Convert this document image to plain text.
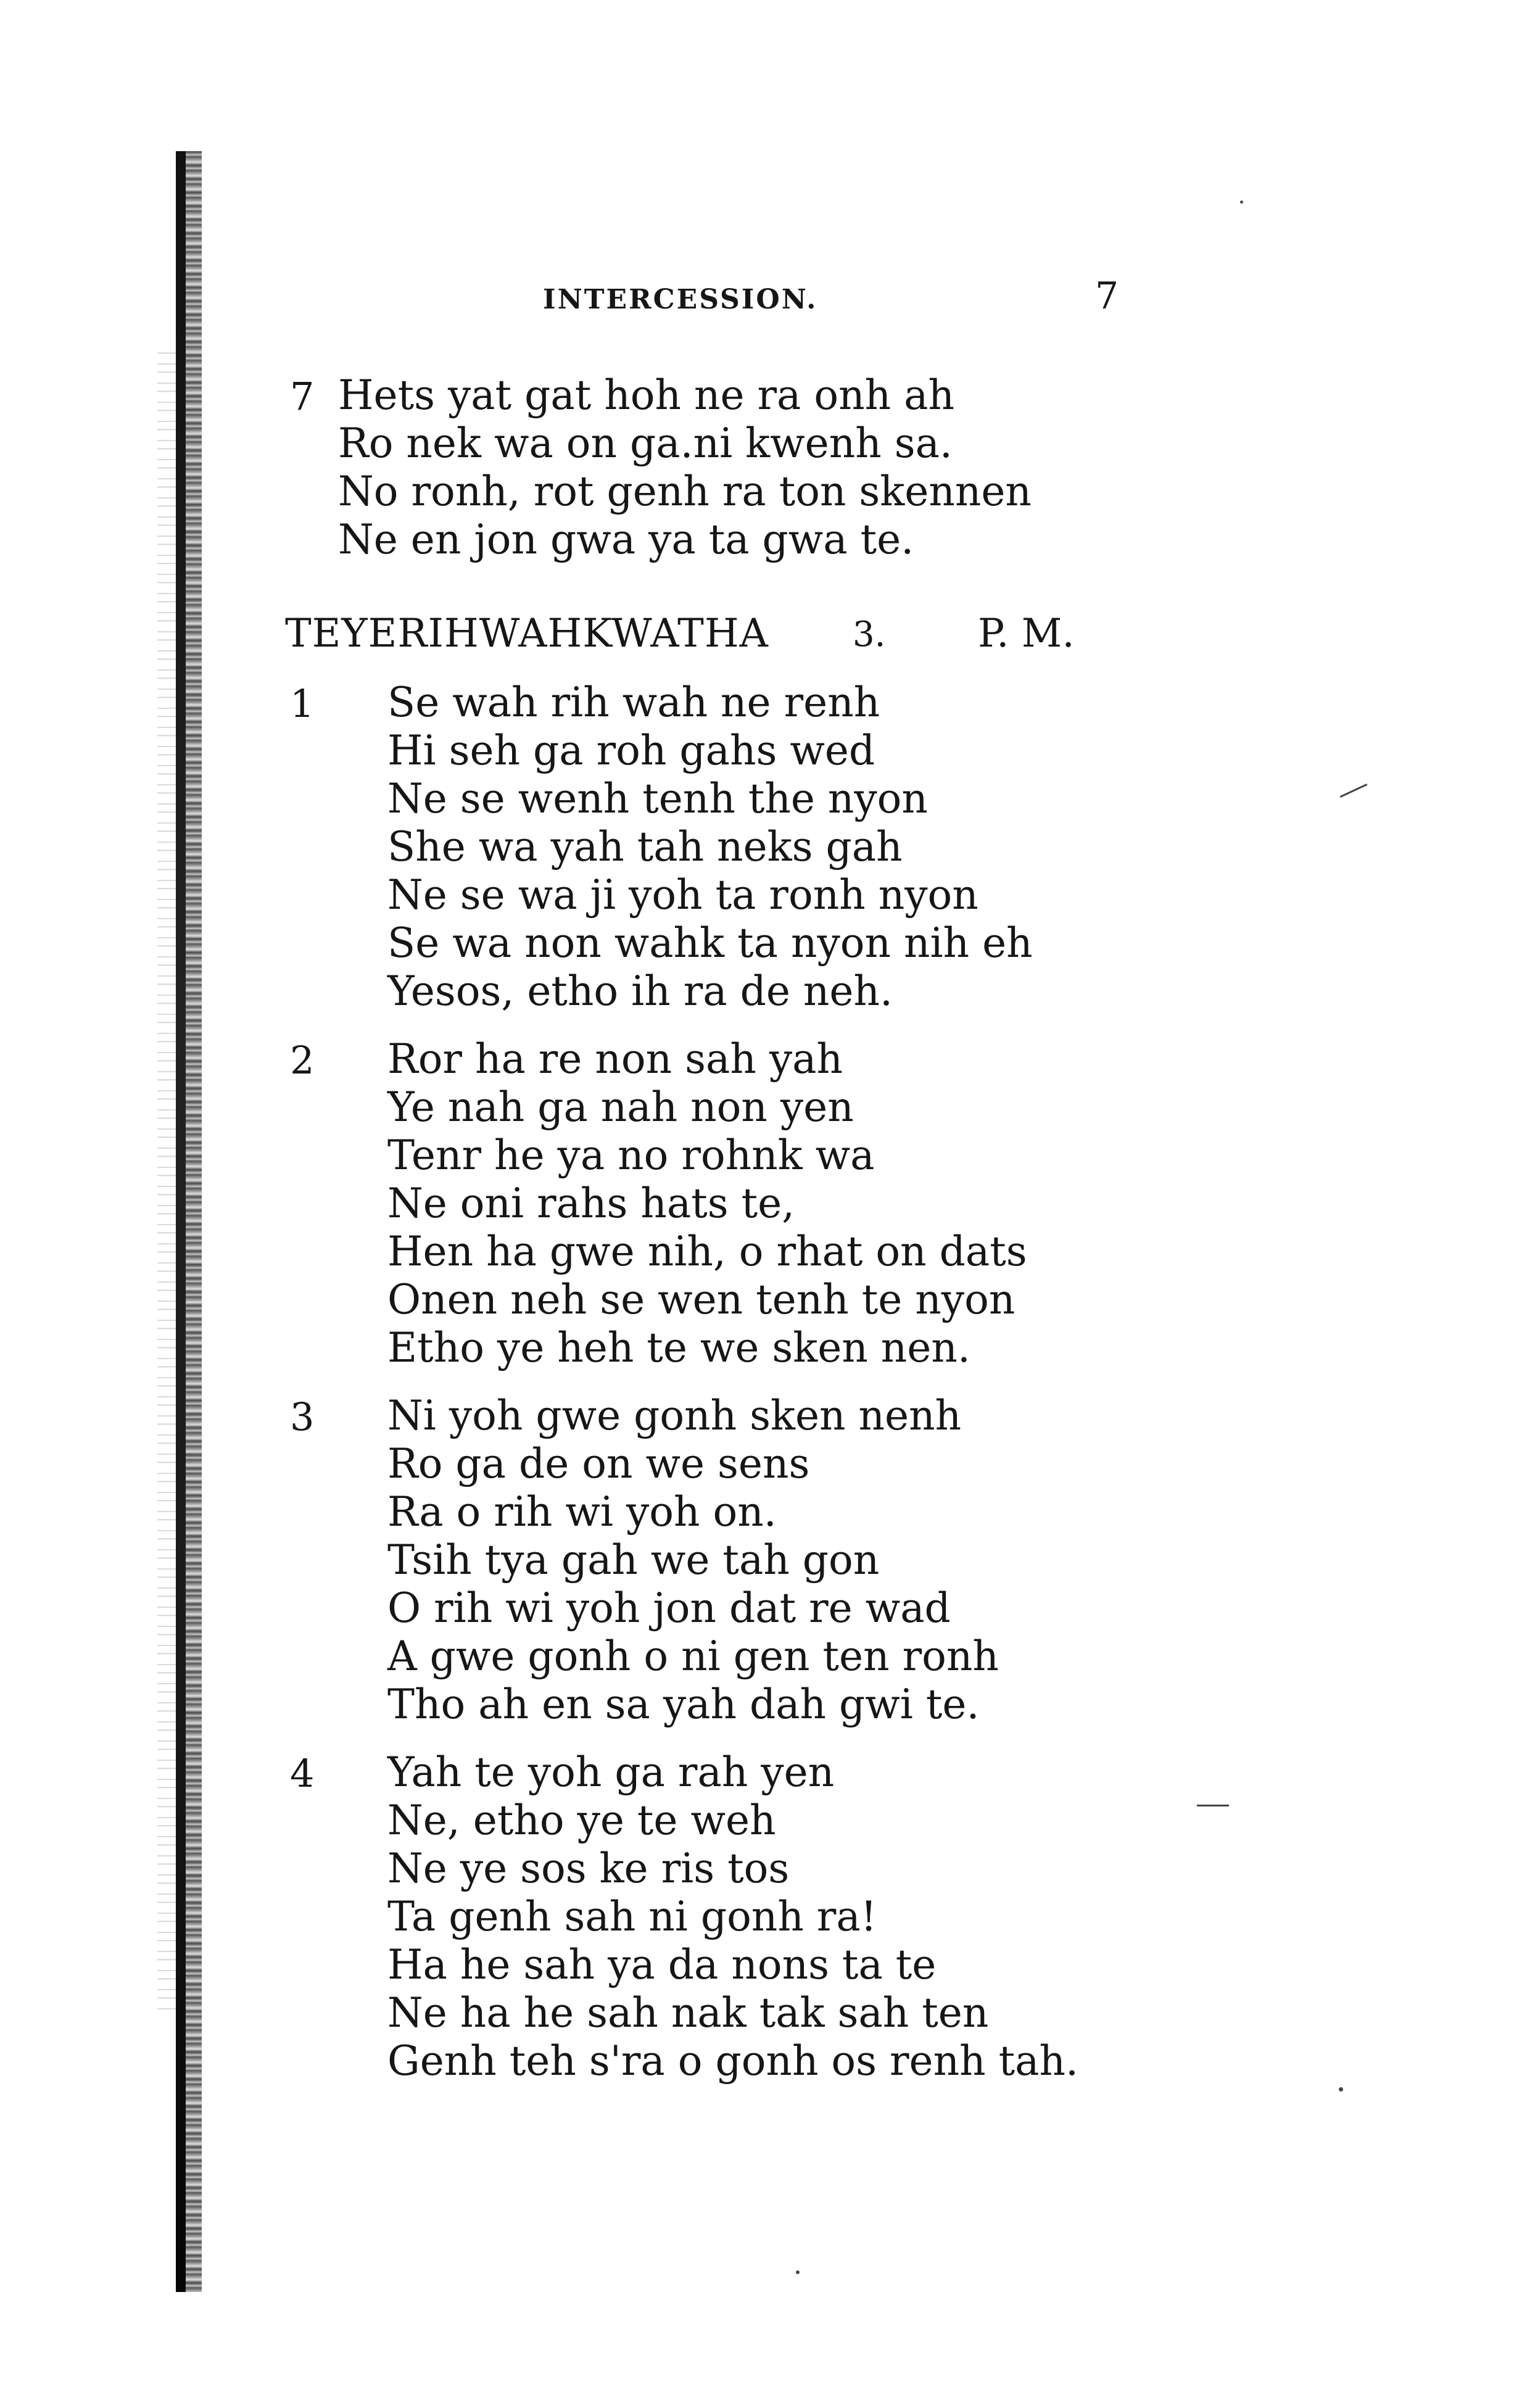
INTERCESSION.	7
7 Hets yat gat hoh ne ra onh ah
Ro nek wa on ga.ni kwenh sa.
No ronh, rot genh ra ton skennen
Ne en jon gwa ya ta gwa te.
TEYERIHWAHKWATHA 3. P. M.
1 Se wah rih wah ne renh
Hi seh ga roh gahs wed
Ne se wenh tenh the nyon
She wa yah tah neks gah
Ne se wa ji yoh ta ronh nyon
Se wa non wahk ta nyon nih eh
Yesos, etho ih ra de neh.
2 Ror ha re non sah yah
Ye nah ga nah non yen
Tenr he ya no rohnk wa
Ne oni rahs hats te,
Hen ha gwe nih, o rhat on dats
Onen neh se wen tenh te nyon
Etho ye heh te we sken nen.
3 Ni yoh gwe gonh sken nenh
Ro ga de on we sens
Ra o rih wi yoh on.
Tsih tya gah we tah gon
O rih wi yoh jon dat re wad
A gwe gonh o ni gen ten ronh
Tho ah en sa yah dah gwi te.
4 Yah te yoh ga rah yen
Ne, etho ye te weh
Ne ye sos ke ris tos
Ta genh sah ni gonh ra!
Ha he sah ya da nons ta te
Ne ha he sah nak tak sah ten
Genh teh s'ra o gonh os renh tah.
